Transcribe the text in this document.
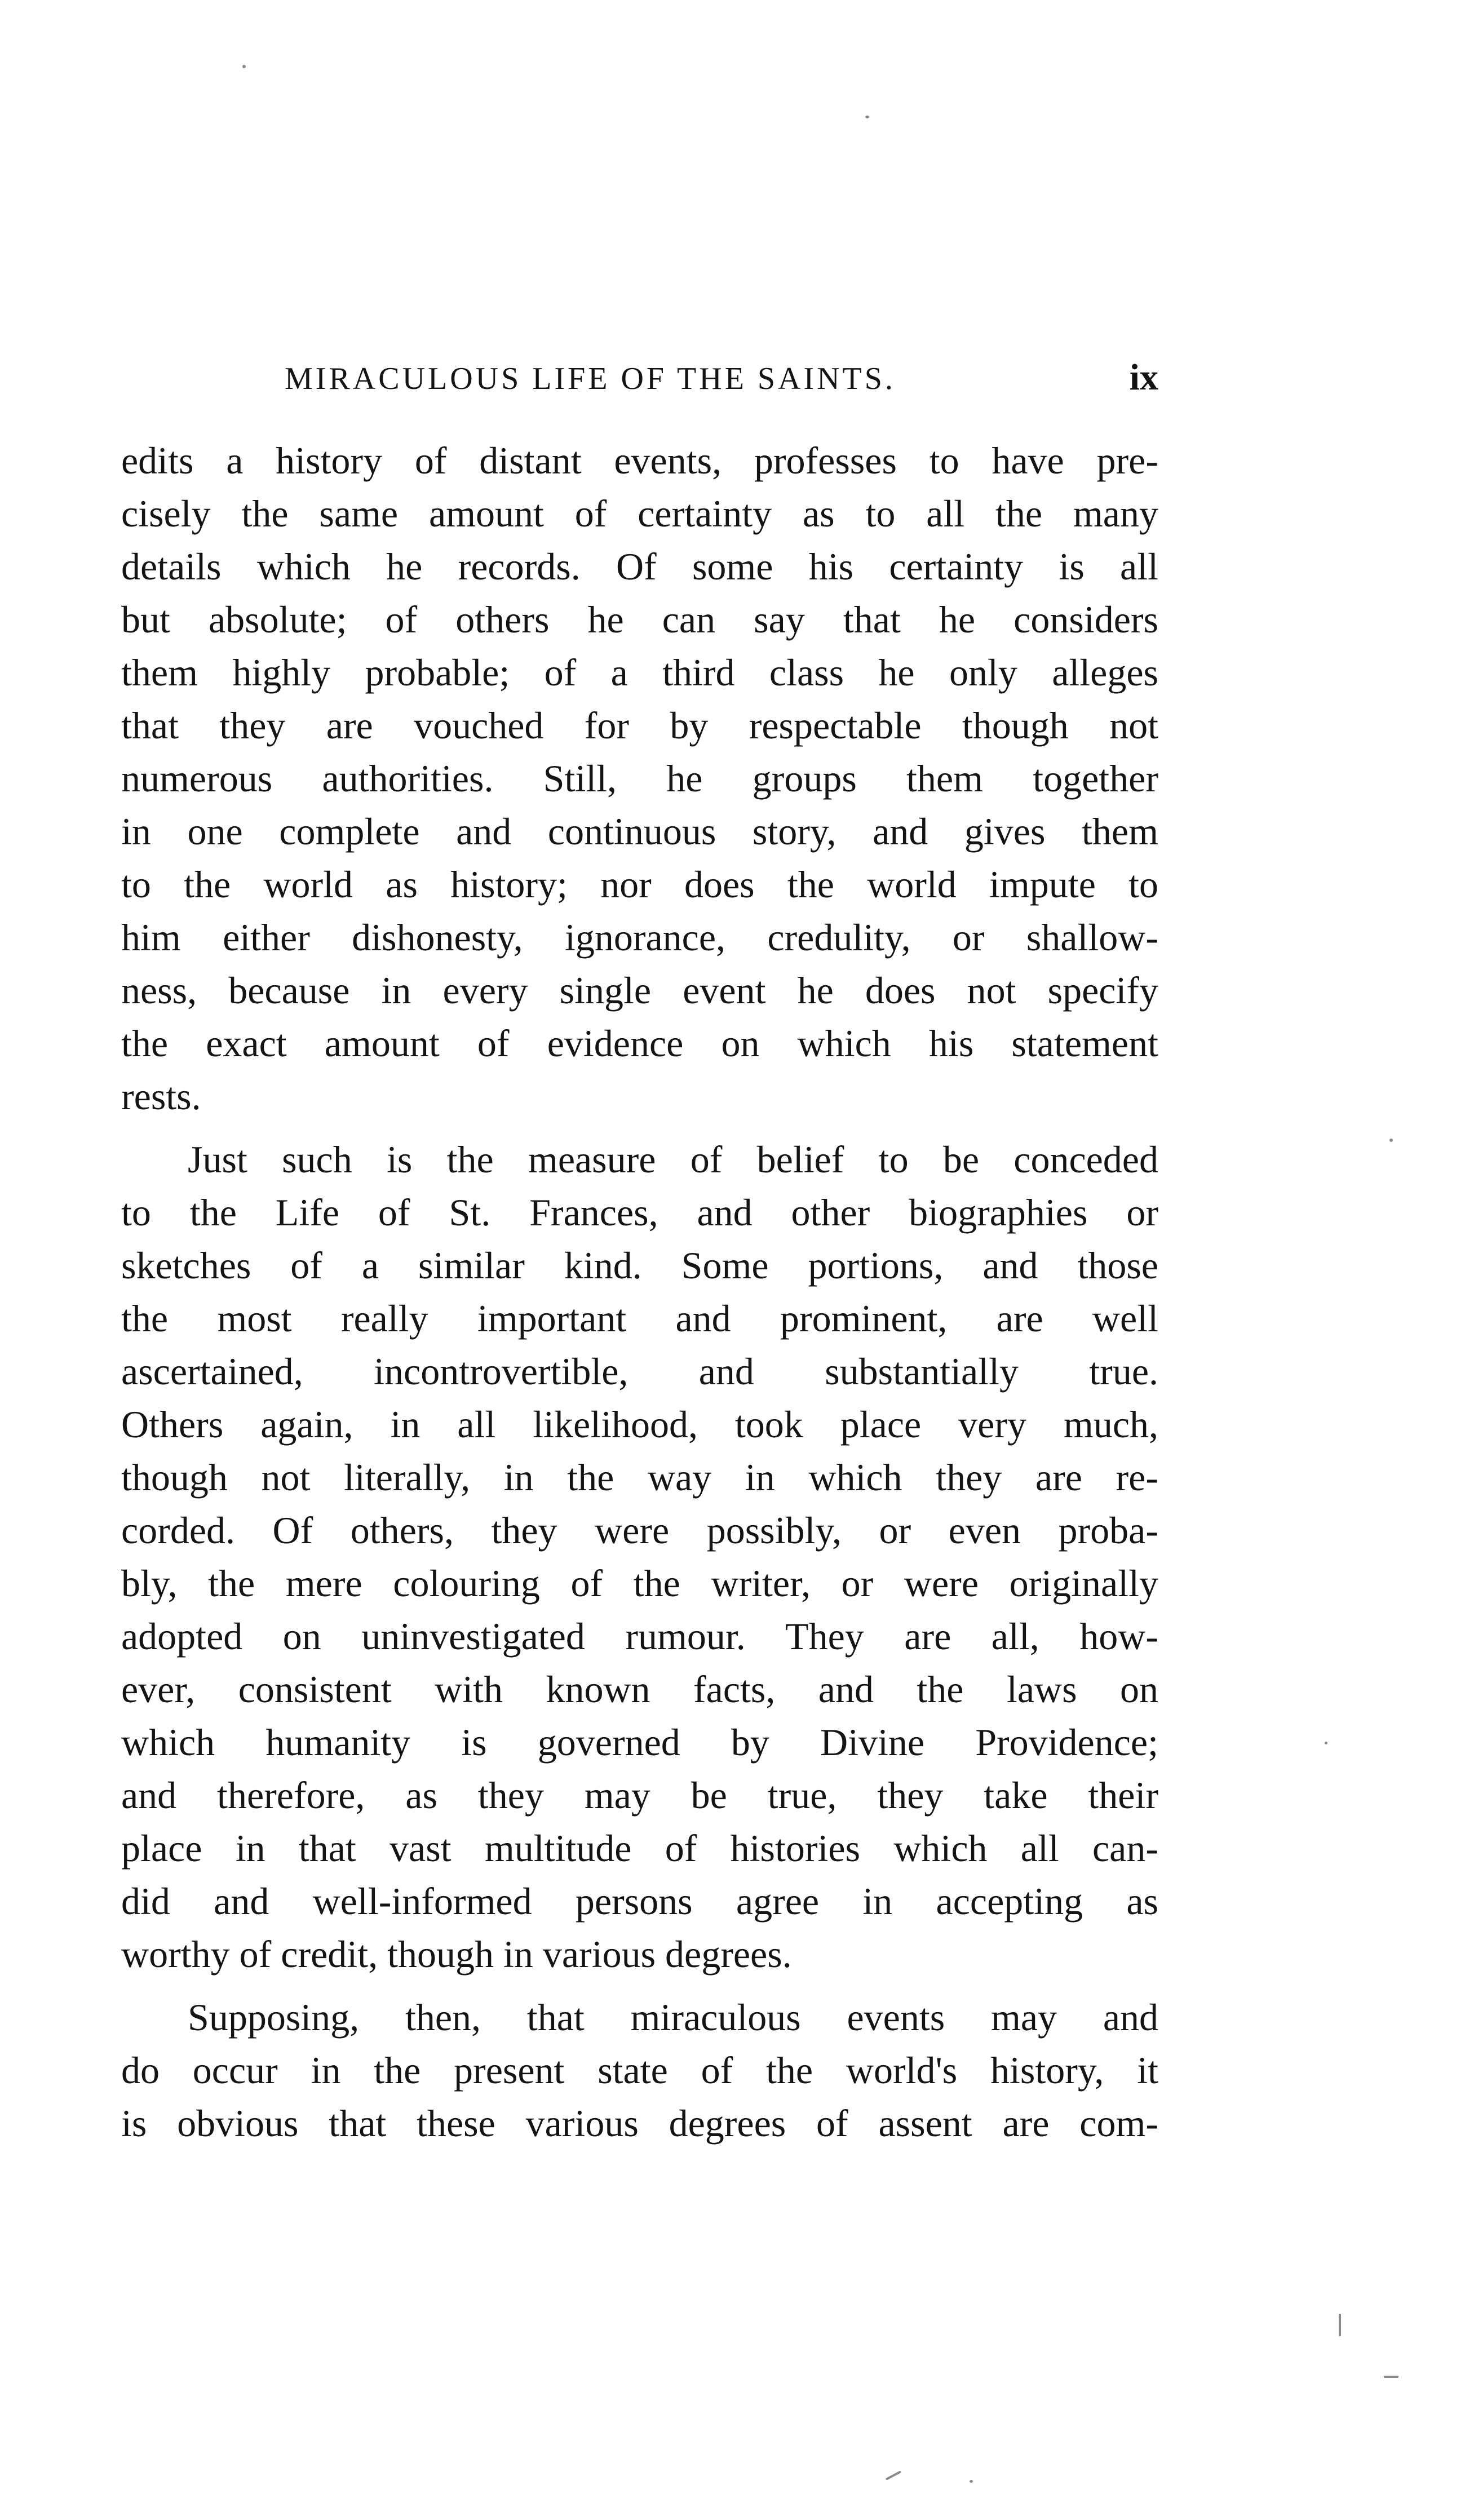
MIRACULOUS LIFE OF THE SAINTS.	ix
edits a history of distant events, professes to have pre-
cisely the same amount of certainty as to all the many
details which he records. Of some his certainty is all
but absolute; of others he can say that he considers
them highly probable; of a third class he only alleges
that they are vouched for by respectable though not
numerous authorities. Still, he groups them together
in one complete and continuous story, and gives them
to the world as history; nor does the world impute to
him either dishonesty, ignorance, credulity, or shallow-
ness, because in every single event he does not specify
the exact amount of evidence on which his statement
rests.
Just such is the measure of belief to be conceded
to the Life of St. Frances, and other biographies or
sketches of a similar kind. Some portions, and those
the most really important and prominent, are well
ascertained, incontrovertible, and substantially true.
Others again, in all likelihood, took place very much,
though not literally, in the way in which they are re-
corded. Of others, they were possibly, or even proba-
bly, the mere colouring of the writer, or were originally
adopted on uninvestigated rumour. They are all, how-
ever, consistent with known facts, and the laws on
which humanity is governed by Divine Providence;
and therefore, as they may be true, they take their
place in that vast multitude of histories which all can-
did and well-informed persons agree in accepting as
worthy of credit, though in various degrees.
Supposing, then, that miraculous events may and
do occur in the present state of the world's history, it
is obvious that these various degrees of assent are com-
